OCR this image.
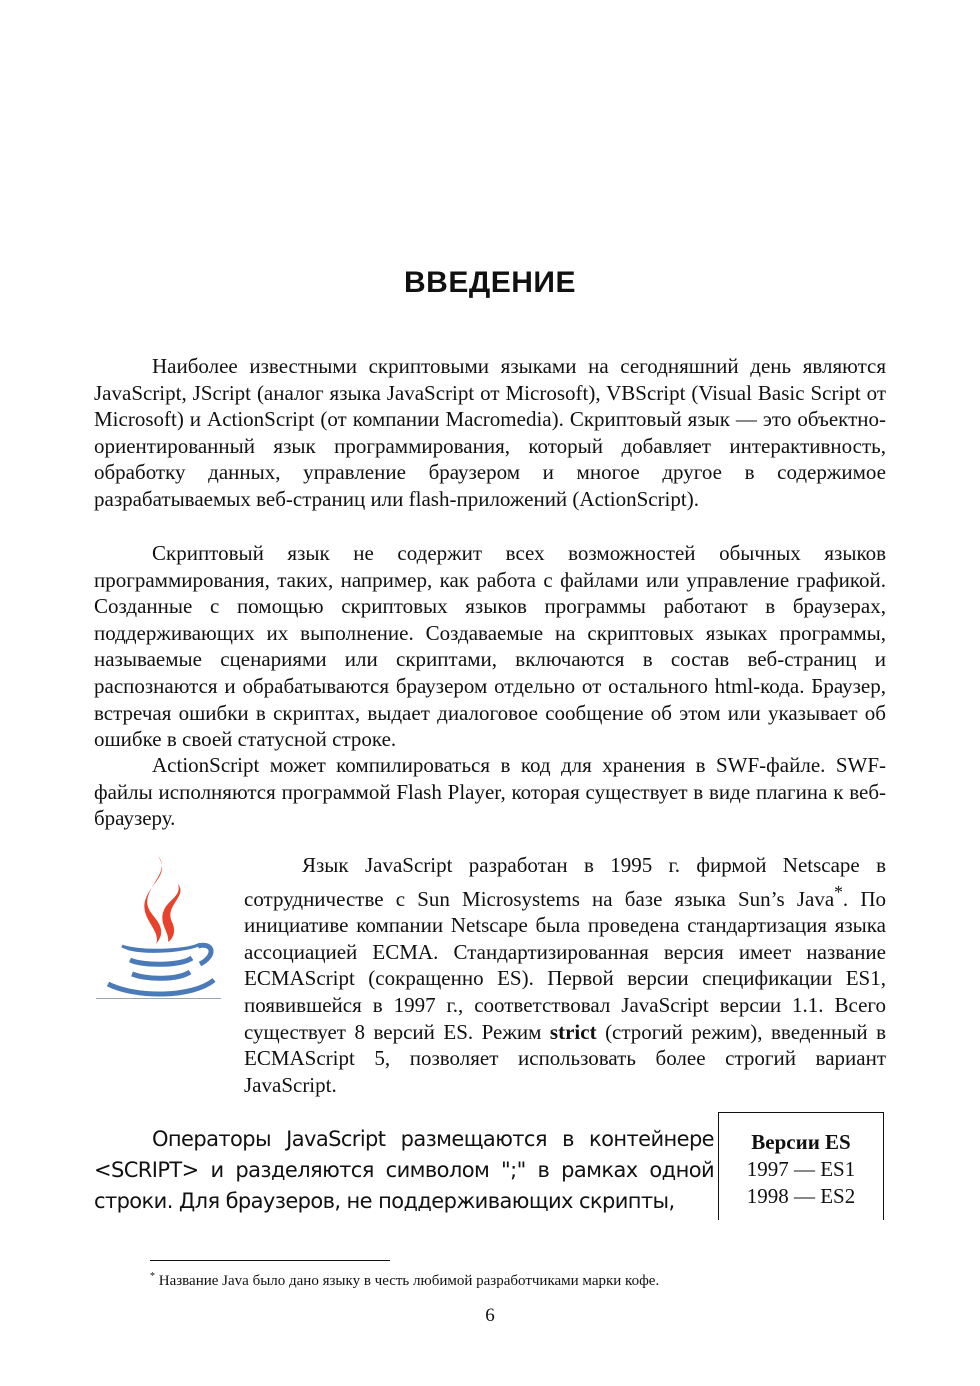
ВВЕДЕНИЕ

Наиболее известными скриптовыми языками на сегодняшний день являются JavaScript, JScript (аналог языка JavaScript от Microsoft), VBScript (Visual Basic Script от Microsoft) и ActionScript (от компании Macromedia). Скриптовый язык — это объектно-ориентированный язык программирования, который добавляет интерактивность, обработку данных, управление браузером и многое другое в содержимое разрабатываемых веб-страниц или flash-приложений (ActionScript).

Скриптовый язык не содержит всех возможностей обычных языков программирования, таких, например, как работа с файлами или управление графикой. Созданные с помощью скриптовых языков программы работают в браузерах, поддерживающих их выполнение. Создаваемые на скриптовых языках программы, называемые сценариями или скриптами, включаются в состав веб-страниц и распознаются и обрабатываются браузером отдельно от остального html-кода. Браузер, встречая ошибки в скриптах, выдает диалоговое сообщение об этом или указывает об ошибке в своей статусной строке.

ActionScript может компилироваться в код для хранения в SWF-файле. SWF-файлы исполняются программой Flash Player, которая существует в виде плагина к веб-браузеру.

Язык JavaScript разработан в 1995 г. фирмой Netscape в сотрудничестве с Sun Microsystems на базе языка Sun’s Java*. По инициативе компании Netscape была проведена стандартизация языка ассоциацией ECMA. Стандартизированная версия имеет название ECMAScript (сокращенно ES). Первой версии спецификации ES1, появившейся в 1997 г., соответствовал JavaScript версии 1.1. Всего существует 8 версий ES. Режим strict (строгий режим), введенный в ECMAScript 5, позволяет использовать более строгий вариант JavaScript.

Операторы JavaScript размещаются в контейнере <SCRIPT> и разделяются символом ";" в рамках одной строки. Для браузеров, не поддерживающих скрипты,

Версии ES
1997 — ES1
1998 — ES2
* Название Java было дано языку в честь любимой разработчиками марки кофе.
6
